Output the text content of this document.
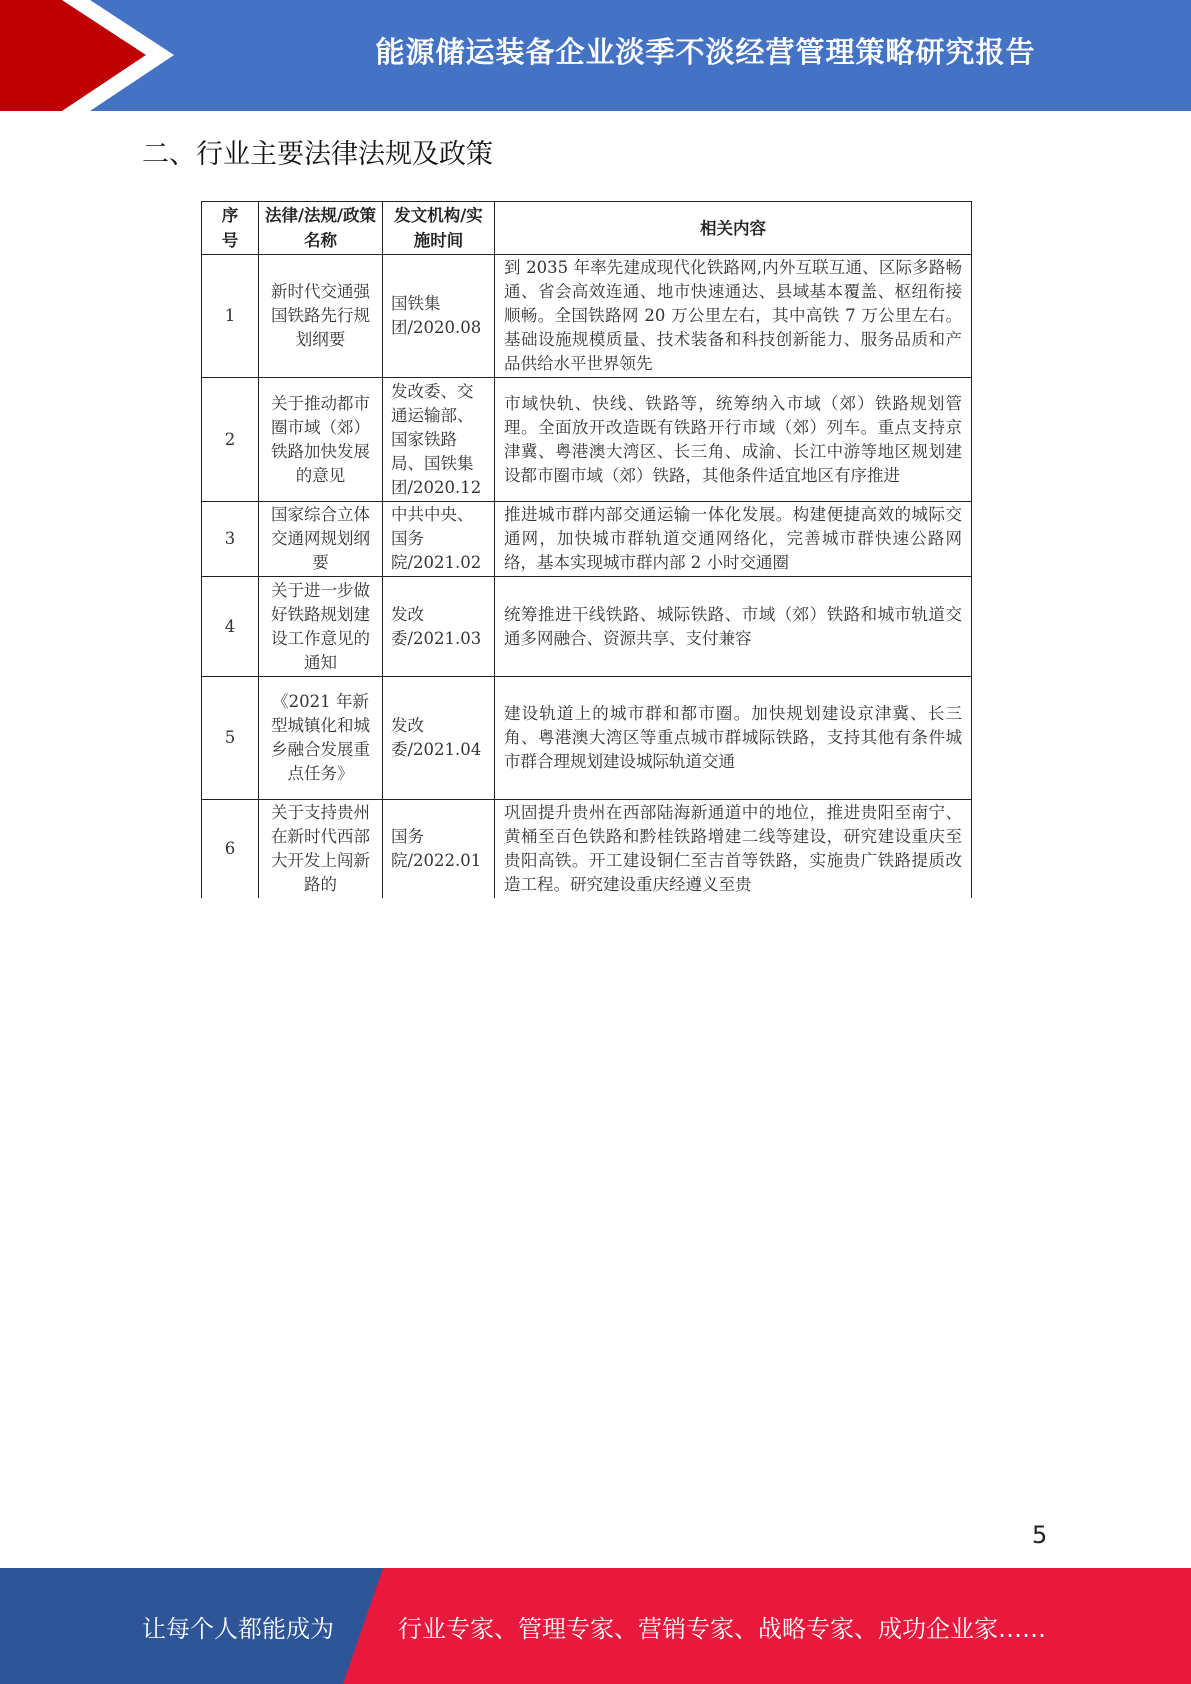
能源储运装备企业淡季不淡经营管理策略研究报告
二、行业主要法律法规及政策
序号	法律/法规/政策名称	发文机构/实施时间	相关内容
1	新时代交通强国铁路先行规划纲要	国铁集团/2020.08	到 2035 年率先建成现代化铁路网,内外互联互通、区际多路畅通、省会高效连通、地市快速通达、县域基本覆盖、枢纽衔接顺畅。全国铁路网 20 万公里左右，其中高铁 7 万公里左右。基础设施规模质量、技术装备和科技创新能力、服务品质和产品供给水平世界领先
2	关于推动都市圈市域（郊）铁路加快发展的意见	发改委、交通运输部、国家铁路局、国铁集团/2020.12	市域快轨、快线、铁路等，统筹纳入市域（郊）铁路规划管理。全面放开改造既有铁路开行市域（郊）列车。重点支持京津冀、粤港澳大湾区、长三角、成渝、长江中游等地区规划建设都市圈市域（郊）铁路，其他条件适宜地区有序推进
3	国家综合立体交通网规划纲要	中共中央、国务院/2021.02	推进城市群内部交通运输一体化发展。构建便捷高效的城际交通网，加快城市群轨道交通网络化，完善城市群快速公路网络，基本实现城市群内部 2 小时交通圈
4	关于进一步做好铁路规划建设工作意见的通知	发改委/2021.03	统筹推进干线铁路、城际铁路、市域（郊）铁路和城市轨道交通多网融合、资源共享、支付兼容
5	《2021 年新型城镇化和城乡融合发展重点任务》	发改委/2021.04	建设轨道上的城市群和都市圈。加快规划建设京津冀、长三角、粤港澳大湾区等重点城市群城际铁路，支持其他有条件城市群合理规划建设城际轨道交通
6	关于支持贵州在新时代西部大开发上闯新路的	国务院/2022.01	巩固提升贵州在西部陆海新通道中的地位，推进贵阳至南宁、黄桶至百色铁路和黔桂铁路增建二线等建设，研究建设重庆至贵阳高铁。开工建设铜仁至吉首等铁路，实施贵广铁路提质改造工程。研究建设重庆经遵义至贵
5
让每个人都能成为	行业专家、管理专家、营销专家、战略专家、成功企业家……
